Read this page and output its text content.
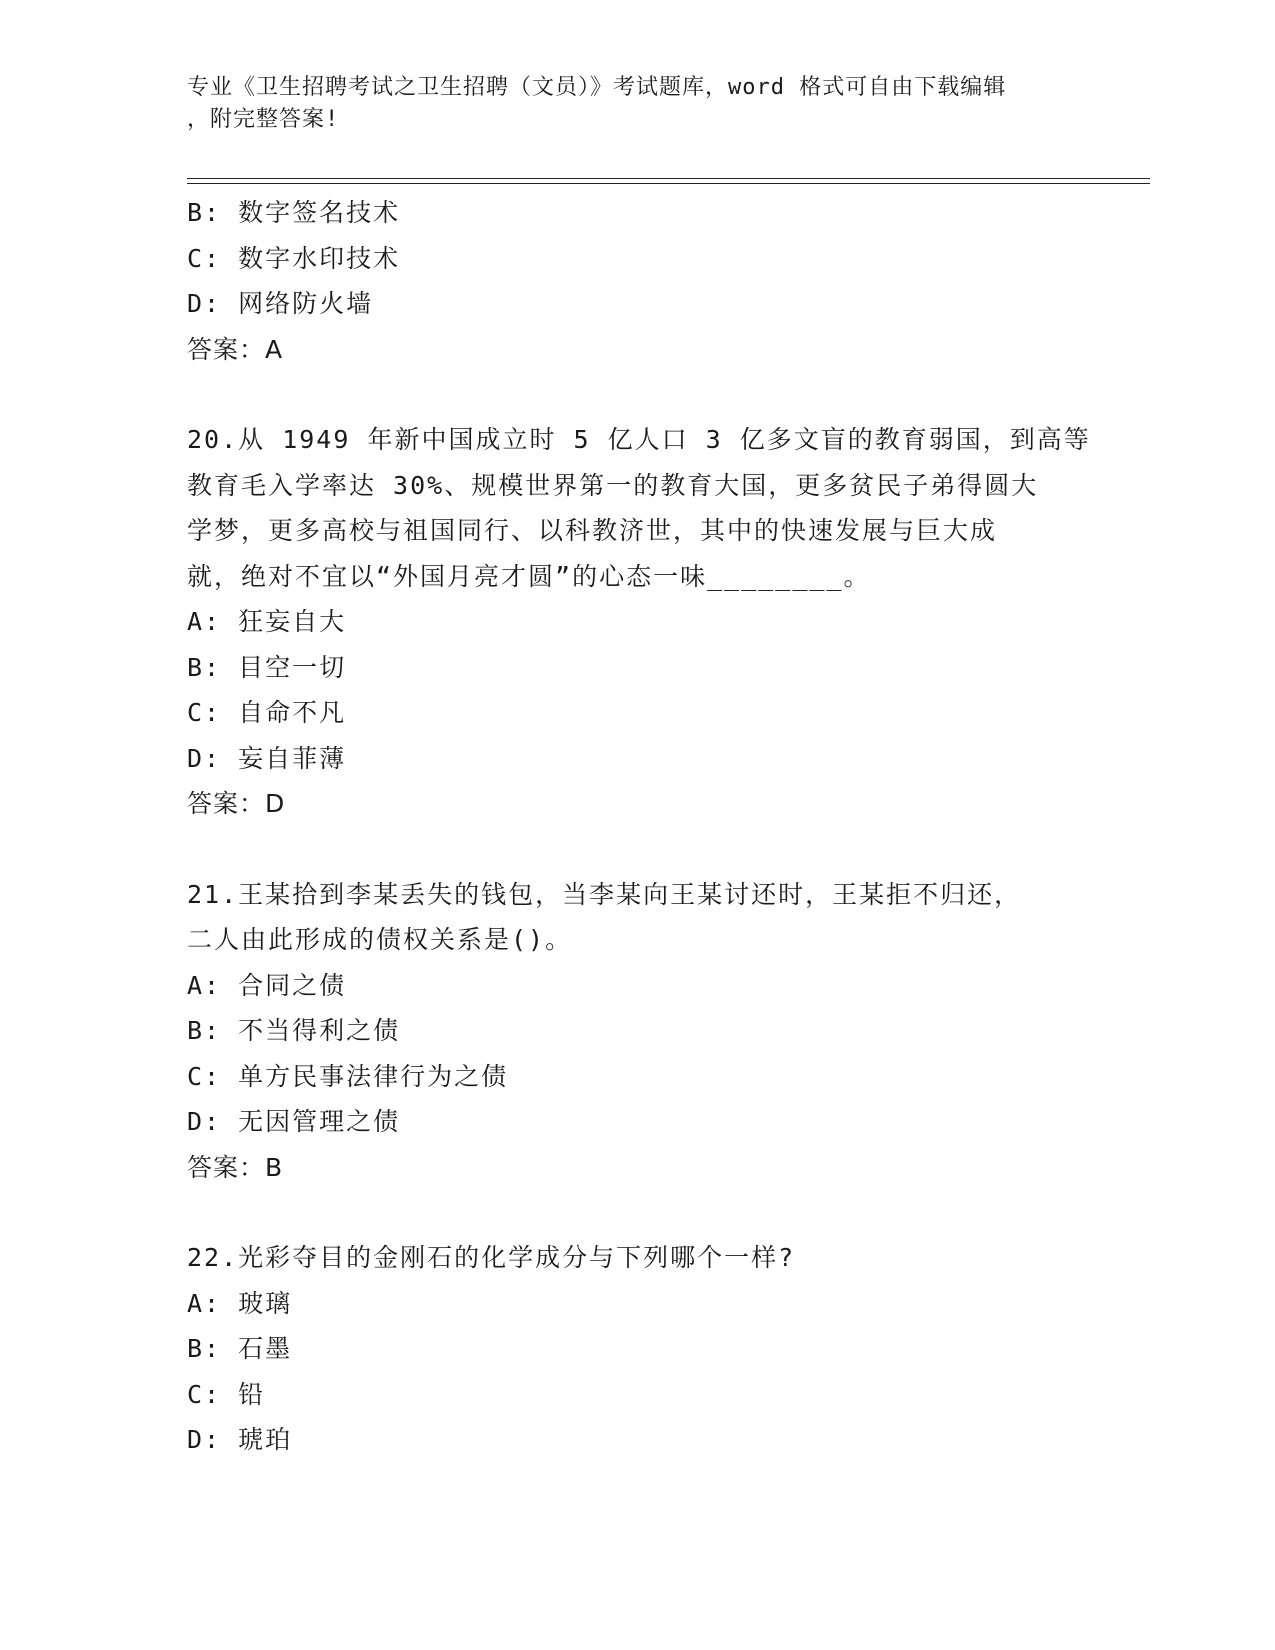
专业《卫生招聘考试之卫生招聘（文员）》考试题库，word 格式可自由下载编辑
，附完整答案!
B: 数字签名技术
C: 数字水印技术
D: 网络防火墙
答案：A
20.从 1949 年新中国成立时 5 亿人口 3 亿多文盲的教育弱国，到高等
教育毛入学率达 30%、规模世界第一的教育大国，更多贫民子弟得圆大
学梦，更多高校与祖国同行、以科教济世，其中的快速发展与巨大成
就，绝对不宜以“外国月亮才圆”的心态一味________。
A: 狂妄自大
B: 目空一切
C: 自命不凡
D: 妄自菲薄
答案：D
21.王某拾到李某丢失的钱包，当李某向王某讨还时，王某拒不归还，
二人由此形成的债权关系是()。
A: 合同之债
B: 不当得利之债
C: 单方民事法律行为之债
D: 无因管理之债
答案：B
22.光彩夺目的金刚石的化学成分与下列哪个一样?
A: 玻璃
B: 石墨
C: 铅
D: 琥珀
